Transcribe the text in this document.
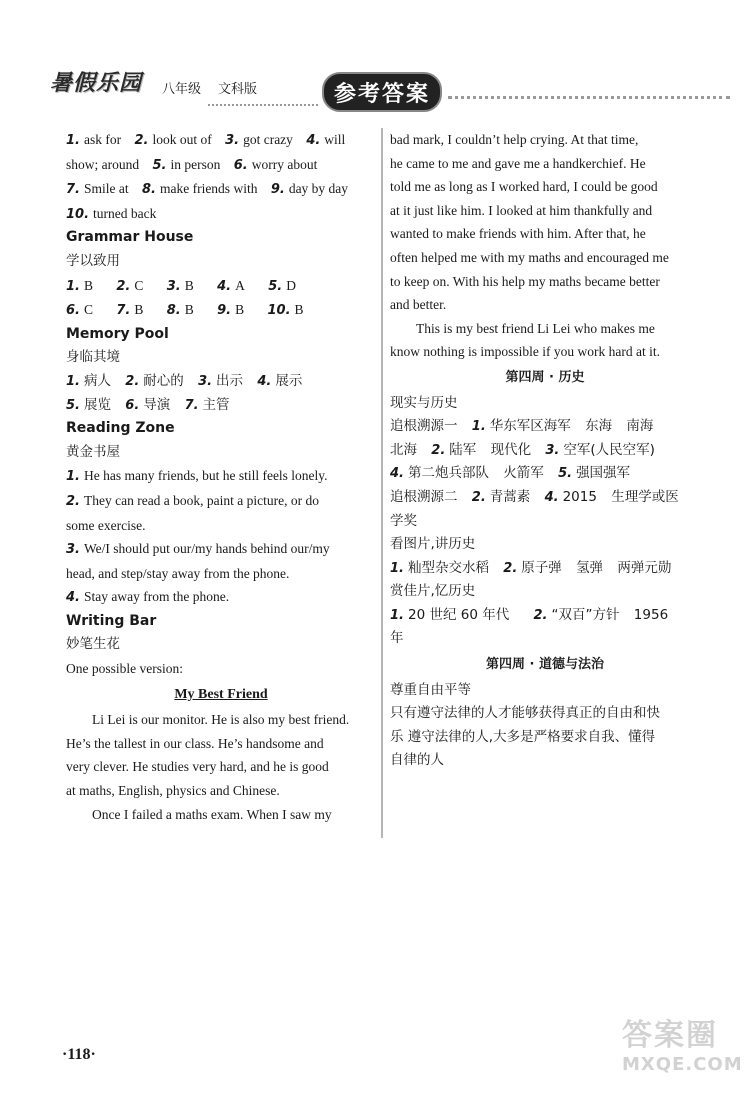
暑假乐园 八年级 文科版	参考答案
1. ask for 2. look out of 3. got crazy 4. will
show; around 5. in person 6. worry about
7. Smile at 8. make friends with 9. day by day
10. turned back
Grammar House
学以致用
1. B 2. C 3. B 4. A 5. D
6. C 7. B 8. B 9. B 10. B
Memory Pool
身临其境
1. 病人 2. 耐心的 3. 出示 4. 展示
5. 展览 6. 导演 7. 主管
Reading Zone
黄金书屋
1. He has many friends, but he still feels lonely.
2. They can read a book, paint a picture, or do
some exercise.
3. We/I should put our/my hands behind our/my
head, and step/stay away from the phone.
4. Stay away from the phone.
Writing Bar
妙笔生花
One possible version:
My Best Friend
Li Lei is our monitor. He is also my best friend.
He’s the tallest in our class. He’s handsome and
very clever. He studies very hard, and he is good
at maths, English, physics and Chinese.
Once I failed a maths exam. When I saw my
bad mark, I couldn’t help crying. At that time,
he came to me and gave me a handkerchief. He
told me as long as I worked hard, I could be good
at it just like him. I looked at him thankfully and
wanted to make friends with him. After that, he
often helped me with my maths and encouraged me
to keep on. With his help my maths became better
and better.
This is my best friend Li Lei who makes me
know nothing is impossible if you work hard at it.
第四周 · 历史
现实与历史
追根溯源一 1. 华东军区海军 东海 南海
北海 2. 陆军 现代化 3. 空军(人民空军)
4. 第二炮兵部队 火箭军 5. 强国强军
追根溯源二 2. 青蒿素 4. 2015 生理学或医
学奖
看图片,讲历史
1. 籼型杂交水稻 2. 原子弹 氢弹 两弹元勋
赏佳片,忆历史
1. 20 世纪 60 年代 2. “双百”方针 1956
年
第四周 · 道德与法治
尊重自由平等
只有遵守法律的人才能够获得真正的自由和快
乐 遵守法律的人,大多是严格要求自我、懂得
自律的人
·118·
答案圈
MXQE.COM
